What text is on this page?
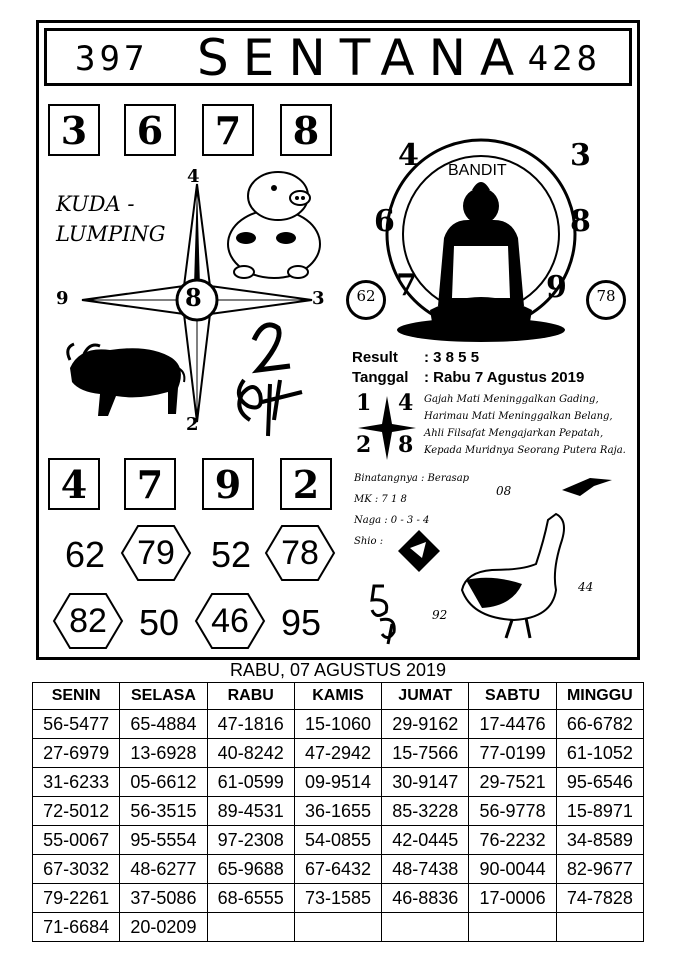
397 SENTANA 428
3	6	7	8
KUDA -
LUMPING
4
9	3
2
8
BANDIT
4	3
6	8
7	9
62	78
Result : 3 8 5 5
Tanggal : Rabu 7 Agustus 2019
1 4
2 8
Gajah Mati Meninggalkan Gading,
Harimau Mati Meninggalkan Belang,
Ahli Filsafat Mengajarkan Pepatah,
Kepada Muridnya Seorang Putera Raja.
Binatangnya : Berasap
MK : 7 1 8
Naga : 0 - 3 - 4
Shio :
08
44
92
4	7	9	2
62 79	52 78
82 50 46 95
RABU, 07 AGUSTUS 2019
SENIN	SELASA	RABU	KAMIS	JUMAT	SABTU	MINGGU
56-5477	65-4884	47-1816	15-1060	29-9162	17-4476	66-6782
27-6979	13-6928	40-8242	47-2942	15-7566	77-0199	61-1052
31-6233	05-6612	61-0599	09-9514	30-9147	29-7521	95-6546
72-5012	56-3515	89-4531	36-1655	85-3228	56-9778	15-8971
55-0067	95-5554	97-2308	54-0855	42-0445	76-2232	34-8589
67-3032	48-6277	65-9688	67-6432	48-7438	90-0044	82-9677
79-2261	37-5086	68-6555	73-1585	46-8836	17-0006	74-7828
71-6684	20-0209					
